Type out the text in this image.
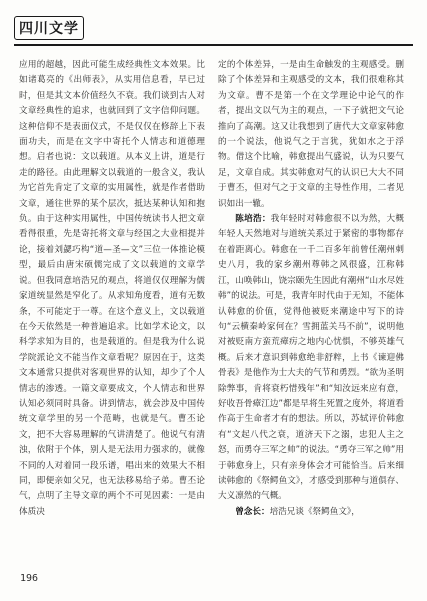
四川文学

应用的超越，因此可能生成经典性文本效果。比如诸葛亮的《出师表》，从实用信息看，早已过时，但是其文本价值经久不衰。我们谈到古人对文章经典性的追求，也就回到了文字信仰问题。这种信仰不是表面仪式，不是仅仅在修辞上下表面功夫，而是在文字中寄托个人情志和道德理想。启者也说：文以载道。从本义上讲，道是行走的路径。由此理解文以载道的一般含义，我认为它首先肯定了文章的实用属性，就是作者借助文章，通往世界的某个层次，抵达某种认知和抱负。由于这种实用属性，中国传统读书人把文章看得很重，先是寄托将文章与经国之大业相提并论，接着刘勰巧构“道—圣—文”三位一体推论模型，最后由唐宋硕儒完成了文以载道的文章学说。但我同意培浩兄的观点，将道仅仅理解为儒家道统显然是窄化了。从求知角度看，道有无数条，不可能定于一尊。在这个意义上，文以载道在今天依然是一种普遍追求。比如学术论文，以科学求知为目的，也是载道的。但是我为什么说学院派论文不能当作文章看呢？原因在于，这类文本通常只提供对客观世界的认知，却少了个人情志的渗透。一篇文章要成文，个人情志和世界认知必须同时具备。讲到情志，就会涉及中国传统文章学里的另一个范畴，也就是气。曹丕论文，把不大容易理解的气讲清楚了。他说气有清浊，依附于个体，别人是无法用力强求的，就像不同的人对着同一段乐谱，唱出来的效果大不相同，即便亲如父兄，也无法移易给子弟。曹丕论气，点明了主导文章的两个不可见因素：一是由体质决

定的个体差异，一是由生命触发的主观感受。删除了个体差异和主观感受的文本，我们很难称其为文章。曹不是第一个在文学理论中论气的作者，提出文以气为主的观点，一下子就把文气论推向了高潮。这又让我想到了唐代大文章家韩愈的一个说法，他说气之于言犹，犹如水之于浮物。借这个比喻，韩愈提出气盛说，认为只要气足，文章自成。其实韩愈对气的认识已大大不同于曹丕，但对气之于文章的主导性作用，二者见识如出一辙。

陈培浩：我年轻时对韩愈很不以为然，大概年轻人天然地对与道统关系过于紧密的事物都存在着距离心。韩愈在一千二百多年前曾任潮州刺史八月，我的家乡潮州尊韩之风很盛，江称韩江，山唤韩山，饶宗颐先生因此有潮州“山水尽姓韩”的说法。可是，我青年时代由于无知，不能体认韩愈的价值，觉得他被贬来潮途中写下的诗句“云横秦岭家何在？雪拥蓝关马不前”，说明他对被贬南方蛮荒瘴疠之地内心忧惧，不够英雄气概。后来才意识到韩愈绝非舒粹，上书《谏迎佛骨表》是他作为士大夫的气节和勇烈。“欲为圣明除弊事，肯将衰朽惜残年”和“知汝远来应有意，好收吾骨瘴江边”都是早将生死置之度外，将道看作高于生命者才有的想法。所以，苏轼评价韩愈有“文起八代之衰，道济天下之溺，忠犯人主之怒，而勇夺三军之帅”的说法。“勇夺三军之帅”用于韩愈身上，只有亲身体会才可能恰当。后来细读韩愈的《祭鳄鱼文》，才感受到那种与道俱存、大义凛然的气概。

曾念长：培浩兄谈《祭鳄鱼文》，

196
